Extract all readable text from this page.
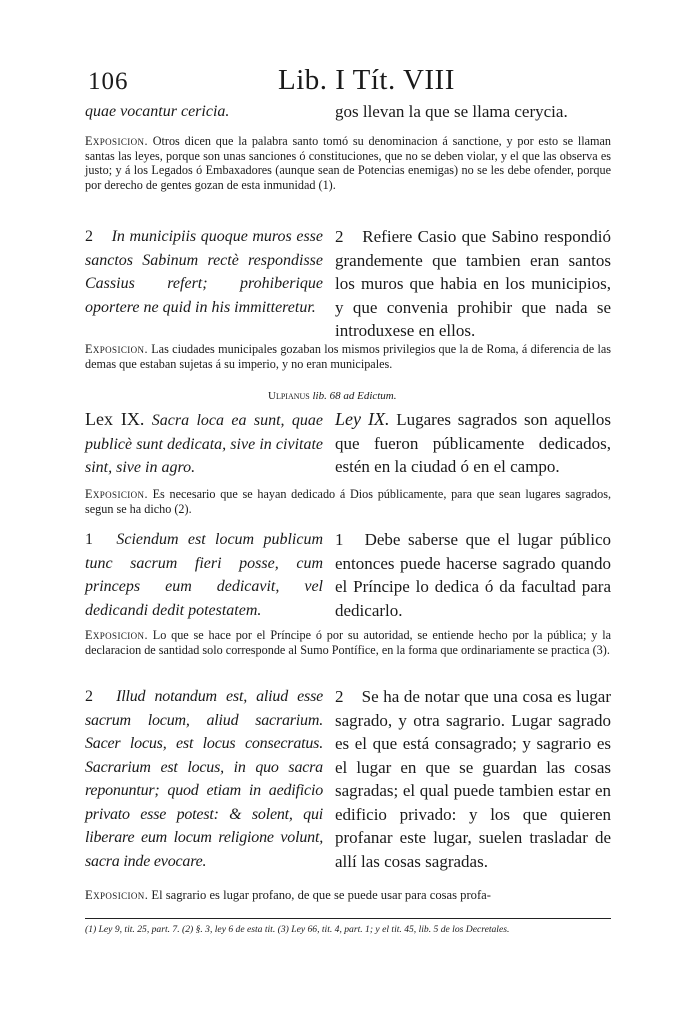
106	Lib. I Tít. VIII
quae vocantur cericia.	gos llevan la que se llama cerycia.
Exposicion. Otros dicen que la palabra santo tomó su denominacion á sanctione, y por esto se llaman santas las leyes, porque son unas sanciones ó constituciones, que no se deben violar, y el que las observa es justo; y á los Legados ó Embaxadores (aunque sean de Potencias enemigas) no se les debe ofender, porque por derecho de gentes gozan de esta inmunidad (1).
2 In municipiis quoque muros esse sanctos Sabinum rectè respondisse Cassius refert; prohiberique oportere ne quid in his immitteretur.
2 Refiere Casio que Sabino respondió grandemente que tambien eran santos los muros que habia en los municipios, y que convenia prohibir que nada se introduxese en ellos.
Exposicion. Las ciudades municipales gozaban los mismos privilegios que la de Roma, á diferencia de las demas que estaban sujetas á su imperio, y no eran municipales.
Ulpianus lib. 68 ad Edictum.
Lex IX. Sacra loca ea sunt, quae publicè sunt dedicata, sive in civitate sint, sive in agro.
Ley IX. Lugares sagrados son aquellos que fueron públicamente dedicados, estén en la ciudad ó en el campo.
Exposicion. Es necesario que se hayan dedicado á Dios públicamente, para que sean lugares sagrados, segun se ha dicho (2).
1 Sciendum est locum publicum tunc sacrum fieri posse, cum princeps eum dedicavit, vel dedicandi dedit potestatem.
1 Debe saberse que el lugar público entonces puede hacerse sagrado quando el Príncipe lo dedica ó da facultad para dedicarlo.
Exposicion. Lo que se hace por el Príncipe ó por su autoridad, se entiende hecho por la pública; y la declaracion de santidad solo corresponde al Sumo Pontífice, en la forma que ordinariamente se practica (3).
2 Illud notandum est, aliud esse sacrum locum, aliud sacrarium. Sacer locus, est locus consecratus. Sacrarium est locus, in quo sacra reponuntur; quod etiam in aedificio privato esse potest: & solent, qui liberare eum locum religione volunt, sacra inde evocare.
2 Se ha de notar que una cosa es lugar sagrado, y otra sagrario. Lugar sagrado es el que está consagrado; y sagrario es el lugar en que se guardan las cosas sagradas; el qual puede tambien estar en edificio privado: y los que quieren profanar este lugar, suelen trasladar de allí las cosas sagradas.
Exposicion. El sagrario es lugar profano, de que se puede usar para cosas profa-
(1) Ley 9, tit. 25, part. 7. (2) §. 3, ley 6 de esta tit. (3) Ley 66, tit. 4, part. 1; y el tit. 45, lib. 5 de los Decretales.
